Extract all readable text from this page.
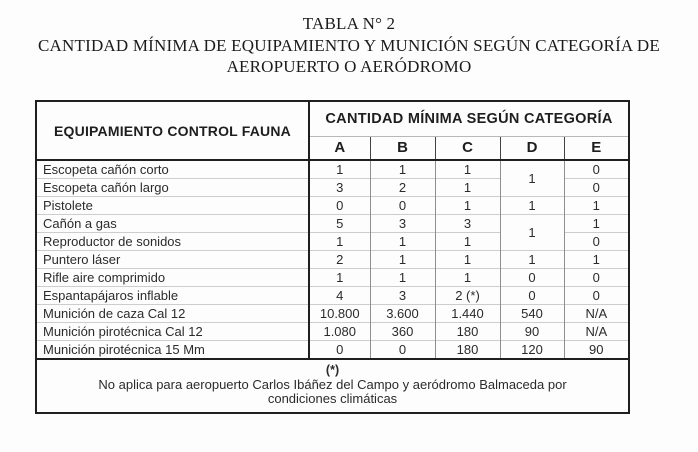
TABLA N° 2
CANTIDAD MÍNIMA DE EQUIPAMIENTO Y MUNICIÓN SEGÚN CATEGORÍA DE
AEROPUERTO O AERÓDROMO
EQUIPAMIENTO CONTROL FAUNA	CANTIDAD MÍNIMA SEGÚN CATEGORÍA				
	A	B	C	D	E
Escopeta cañón corto	1	1	1	1	0
Escopeta cañón largo	3	2	1		0
Pistolete	0	0	1	1	1
Cañón a gas	5	3	3	1	1
Reproductor de sonidos	1	1	1		0
Puntero láser	2	1	1	1	1
Rifle aire comprimido	1	1	1	0	0
Espantapájaros inflable	4	3	2 (*)	0	0
Munición de caza Cal 12	10.800	3.600	1.440	540	N/A
Munición pirotécnica Cal 12	1.080	360	180	90	N/A
Munición pirotécnica 15 Mm	0	0	180	120	90

(*)
No aplica para aeropuerto Carlos Ibáñez del Campo y aeródromo Balmaceda por
condiciones climáticas					
